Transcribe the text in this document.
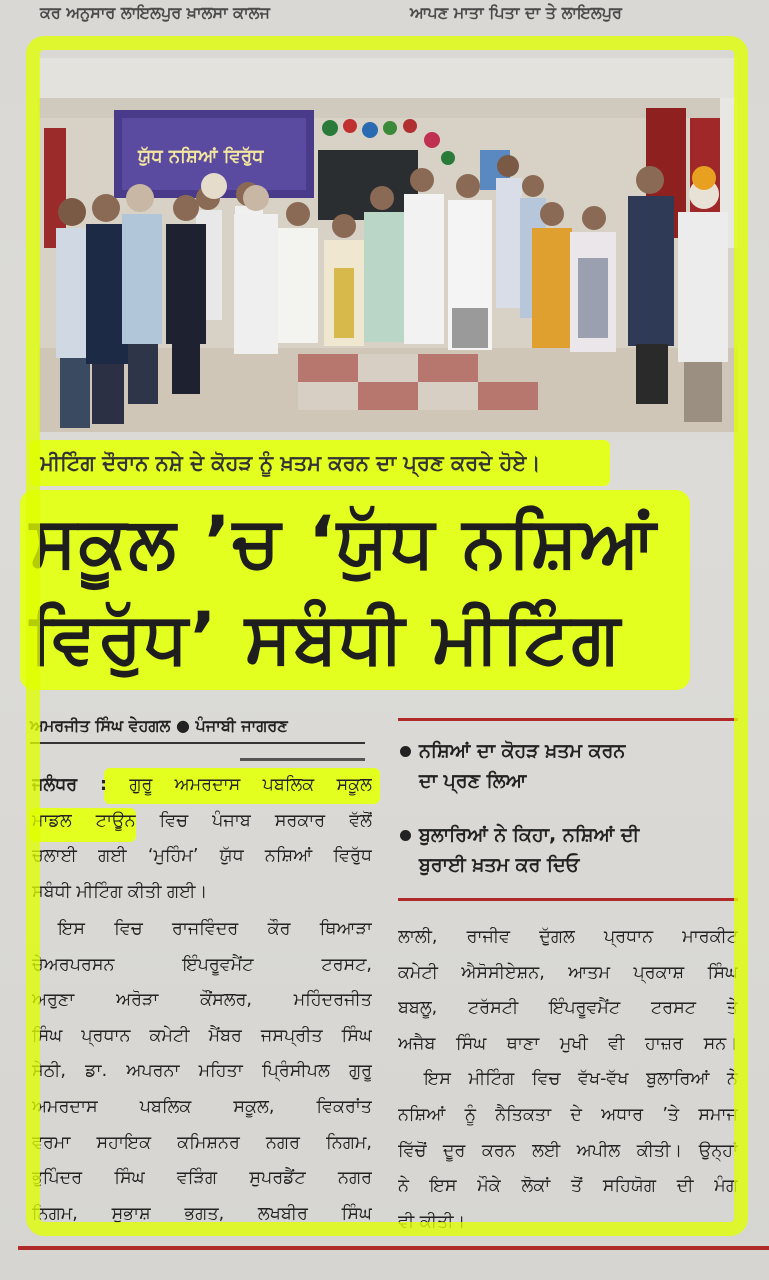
ਕਰ ਅਨੁਸਾਰ ਲਾਇਲਪੁਰ ਖ਼ਾਲਸਾ ਕਾਲਜ	ਆਪਣ ਮਾਤਾ ਪਿਤਾ ਦਾ ਤੇ ਲਾਇਲਪੁਰ
ਯੁੱਧ ਨਸ਼ਿਆਂ ਵਿਰੁੱਧ
ਮੀਟਿੰਗ ਦੌਰਾਨ ਨਸ਼ੇ ਦੇ ਕੋਹੜ ਨੂੰ ਖ਼ਤਮ ਕਰਨ ਦਾ ਪ੍ਰਣ ਕਰਦੇ ਹੋਏ।
ਸਕੂਲ ’ਚ ‘ਯੁੱਧ ਨਸ਼ਿਆਂ
ਵਿਰੁੱਧ’ ਸਬੰਧੀ ਮੀਟਿੰਗ
ਅਮਰਜੀਤ ਸਿੰਘ ਵੇਹਗਲ ● ਪੰਜਾਬੀ ਜਾਗਰਣ
ਨਸ਼ਿਆਂ ਦਾ ਕੋਹੜ ਖ਼ਤਮ ਕਰਨ
ਦਾ ਪ੍ਰਣ ਲਿਆ
ਬੁਲਾਰਿਆਂ ਨੇ ਕਿਹਾ, ਨਸ਼ਿਆਂ ਦੀ
ਬੁਰਾਈ ਖ਼ਤਮ ਕਰ ਦਿਓ
ਜਲੰਧਰ : ਗੁਰੂ ਅਮਰਦਾਸ ਪਬਲਿਕ ਸਕੂਲ
ਮਾਡਲ ਟਾਊਨ ਵਿਚ ਪੰਜਾਬ ਸਰਕਾਰ ਵੱਲੋਂ
ਚਲਾਈ ਗਈ ‘ਮੁਹਿੰਮ’ ਯੁੱਧ ਨਸ਼ਿਆਂ ਵਿਰੁੱਧ
ਸਬੰਧੀ ਮੀਟਿੰਗ ਕੀਤੀ ਗਈ।
ਇਸ ਵਿਚ ਰਾਜਵਿੰਦਰ ਕੌਰ ਥਿਆੜਾ
ਚੇਅਰਪਰਸਨ ਇੰਪਰੂਵਮੈਂਟ ਟਰਸਟ,
ਅਰੁਣਾ ਅਰੋੜਾ ਕੌਂਸਲਰ, ਮਹਿੰਦਰਜੀਤ
ਸਿੰਘ ਪ੍ਰਧਾਨ ਕਮੇਟੀ ਮੈਂਬਰ ਜਸਪ੍ਰੀਤ ਸਿੰਘ
ਸੇਠੀ, ਡਾ. ਅਪਰਨਾ ਮਹਿਤਾ ਪ੍ਰਿੰਸੀਪਲ ਗੁਰੂ
ਅਮਰਦਾਸ ਪਬਲਿਕ ਸਕੂਲ, ਵਿਕਰਾਂਤ
ਵਰਮਾ ਸਹਾਇਕ ਕਮਿਸ਼ਨਰ ਨਗਰ ਨਿਗਮ,
ਭੁਪਿੰਦਰ ਸਿੰਘ ਵੜਿੰਗ ਸੁਪਰਡੈਂਟ ਨਗਰ
ਨਿਗਮ, ਸੁਭਾਸ਼ ਭਗਤ, ਲਖਬੀਰ ਸਿੰਘ
ਲਾਲੀ, ਰਾਜੀਵ ਦੁੱਗਲ ਪ੍ਰਧਾਨ ਮਾਰਕੀਟ
ਕਮੇਟੀ ਐਸੋਸੀਏਸ਼ਨ, ਆਤਮ ਪ੍ਰਕਾਸ਼ ਸਿੰਘ
ਬਬਲੂ, ਟਰੱਸਟੀ ਇੰਪਰੂਵਮੈਂਟ ਟਰਸਟ ਤੇ
ਅਜੈਬ ਸਿੰਘ ਥਾਣਾ ਮੁਖੀ ਵੀ ਹਾਜ਼ਰ ਸਨ।
ਇਸ ਮੀਟਿੰਗ ਵਿਚ ਵੱਖ-ਵੱਖ ਬੁਲਾਰਿਆਂ ਨੇ
ਨਸ਼ਿਆਂ ਨੂੰ ਨੈਤਿਕਤਾ ਦੇ ਅਧਾਰ ’ਤੇ ਸਮਾਜ
ਵਿੱਚੋਂ ਦੂਰ ਕਰਨ ਲਈ ਅਪੀਲ ਕੀਤੀ। ਉਨ੍ਹਾਂ
ਨੇ ਇਸ ਮੌਕੇ ਲੋਕਾਂ ਤੋਂ ਸਹਿਯੋਗ ਦੀ ਮੰਗ
ਵੀ ਕੀਤੀ।
